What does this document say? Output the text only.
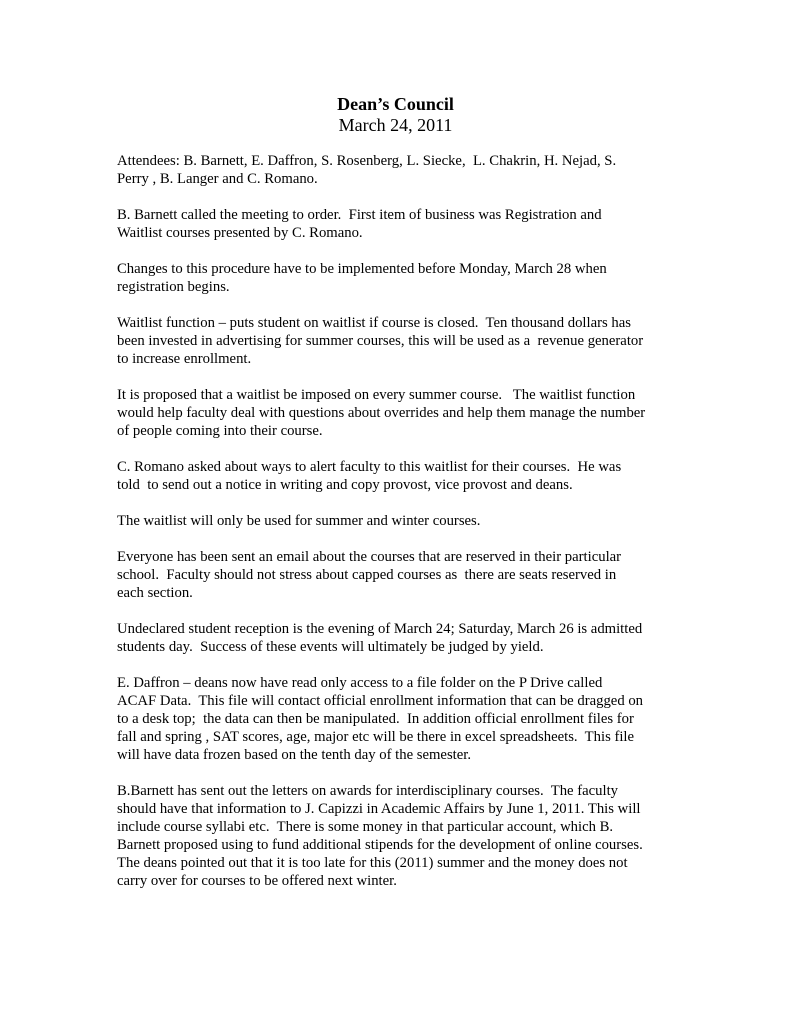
Dean’s Council

March 24, 2011

Attendees: B. Barnett, E. Daffron, S. Rosenberg, L. Siecke,  L. Chakrin, H. Nejad, S.
Perry , B. Langer and C. Romano.

B. Barnett called the meeting to order.  First item of business was Registration and
Waitlist courses presented by C. Romano.

Changes to this procedure have to be implemented before Monday, March 28 when
registration begins.

Waitlist function – puts student on waitlist if course is closed.  Ten thousand dollars has
been invested in advertising for summer courses, this will be used as a  revenue generator
to increase enrollment.

It is proposed that a waitlist be imposed on every summer course.   The waitlist function
would help faculty deal with questions about overrides and help them manage the number
of people coming into their course.

C. Romano asked about ways to alert faculty to this waitlist for their courses.  He was
told  to send out a notice in writing and copy provost, vice provost and deans.

The waitlist will only be used for summer and winter courses.

Everyone has been sent an email about the courses that are reserved in their particular
school.  Faculty should not stress about capped courses as  there are seats reserved in
each section.

Undeclared student reception is the evening of March 24; Saturday, March 26 is admitted
students day.  Success of these events will ultimately be judged by yield.

E. Daffron – deans now have read only access to a file folder on the P Drive called
ACAF Data.  This file will contact official enrollment information that can be dragged on
to a desk top;  the data can then be manipulated.  In addition official enrollment files for
fall and spring , SAT scores, age, major etc will be there in excel spreadsheets.  This file
will have data frozen based on the tenth day of the semester.

B.Barnett has sent out the letters on awards for interdisciplinary courses.  The faculty
should have that information to J. Capizzi in Academic Affairs by June 1, 2011. This will
include course syllabi etc.  There is some money in that particular account, which B.
Barnett proposed using to fund additional stipends for the development of online courses.
The deans pointed out that it is too late for this (2011) summer and the money does not
carry over for courses to be offered next winter.
